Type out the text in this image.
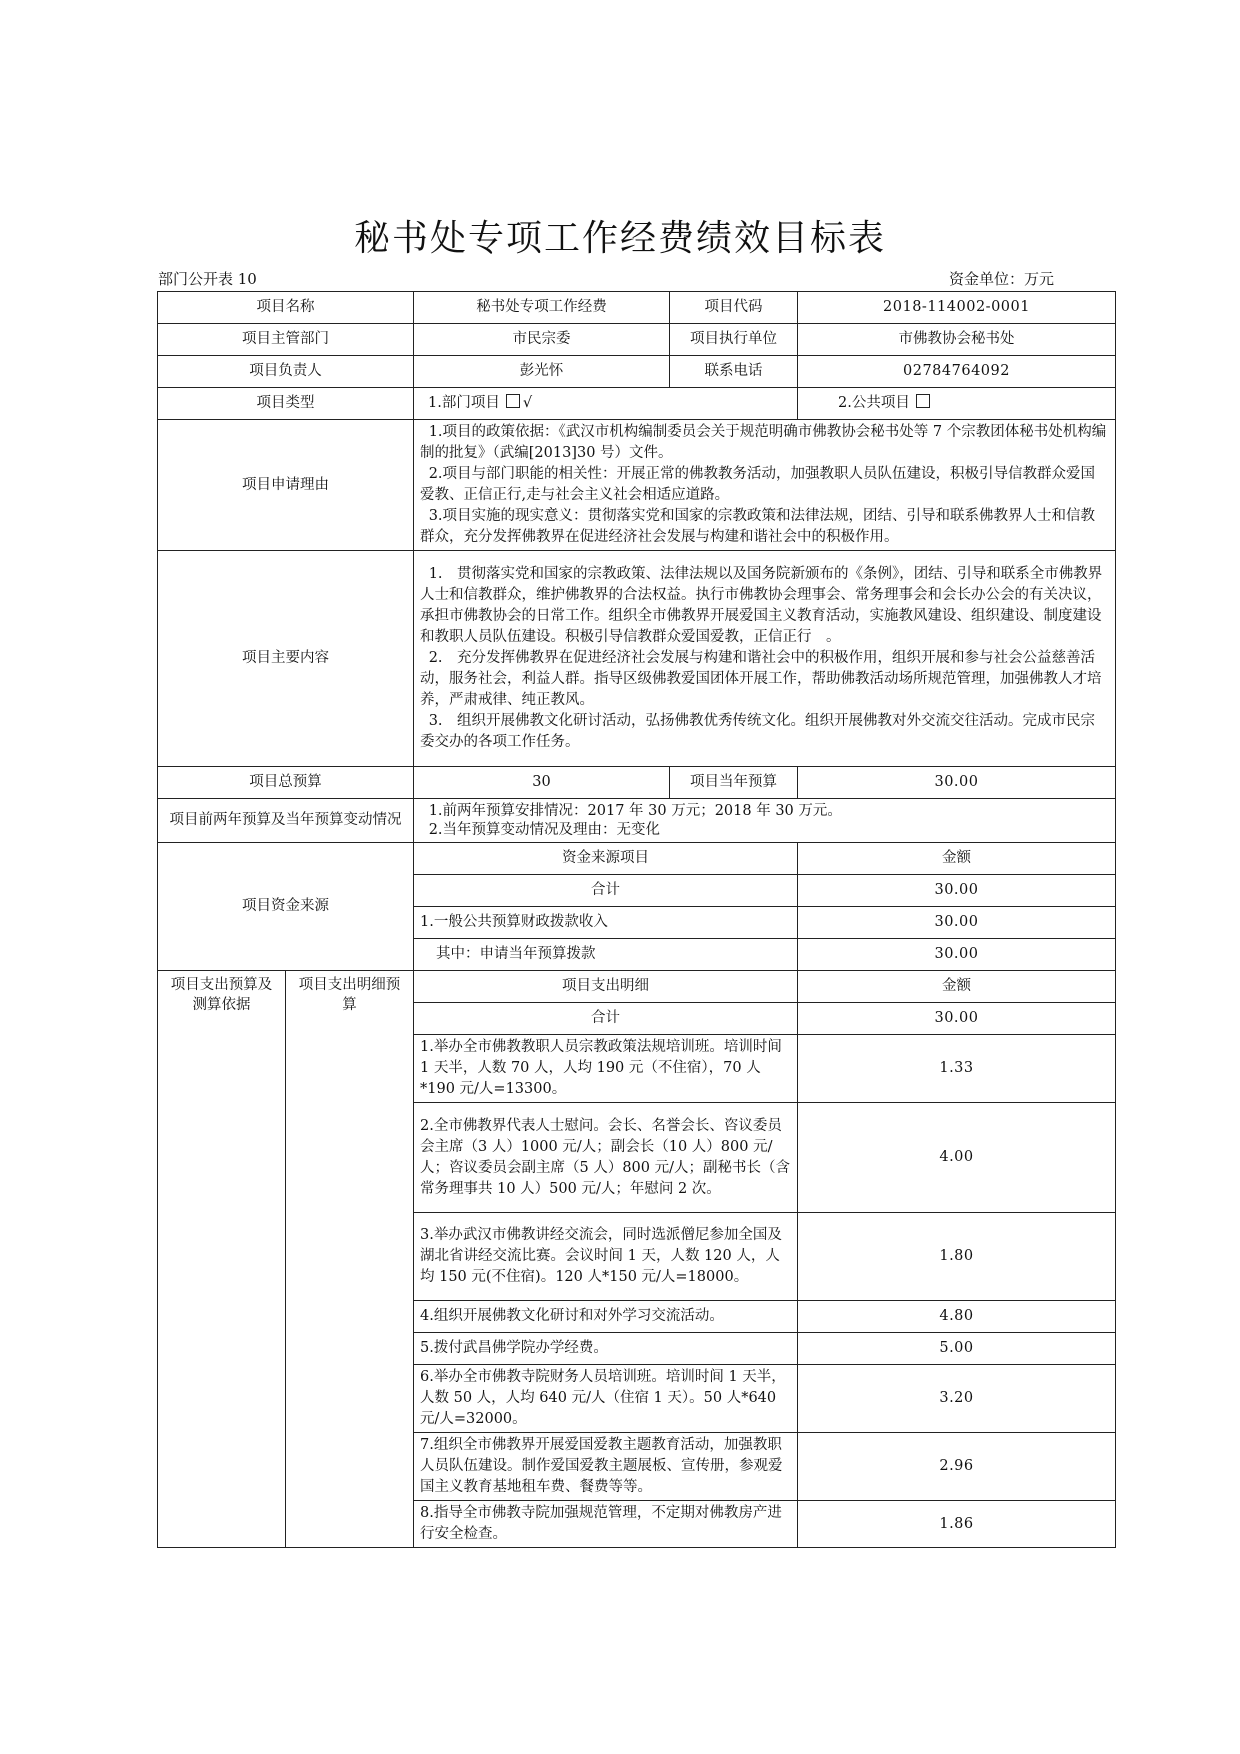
秘书处专项工作经费绩效目标表
部门公开表 10	资金单位：万元
项目名称		秘书处专项工作经费	项目代码	2018-114002-0001
项目主管部门		市民宗委	项目执行单位	市佛教协会秘书处
项目负责人		彭光怀	联系电话	02784764092
项目类型		1.部门项目 √		2.公共项目
项目申请理由		1.项目的政策依据：《武汉市机构编制委员会关于规范明确市佛教协会秘书处等 7 个宗教团体秘书处机构编制的批复》（武编[2013]30 号）文件。
2.项目与部门职能的相关性：开展正常的佛教教务活动，加强教职人员队伍建设，积极引导信教群众爱国爱教、正信正行,走与社会主义社会相适应道路。
3.项目实施的现实意义：贯彻落实党和国家的宗教政策和法律法规，团结、引导和联系佛教界人士和信教群众，充分发挥佛教界在促进经济社会发展与构建和谐社会中的积极作用。		

项目主要内容		1.　贯彻落实党和国家的宗教政策、法律法规以及国务院新颁布的《条例》，团结、引导和联系全市佛教界人士和信教群众，维护佛教界的合法权益。执行市佛教协会理事会、常务理事会和会长办公会的有关决议，承担市佛教协会的日常工作。组织全市佛教界开展爱国主义教育活动，实施教风建设、组织建设、制度建设和教职人员队伍建设。积极引导信教群众爱国爱教，正信正行　。
2.　充分发挥佛教界在促进经济社会发展与构建和谐社会中的积极作用，组织开展和参与社会公益慈善活动，服务社会，利益人群。指导区级佛教爱国团体开展工作，帮助佛教活动场所规范管理，加强佛教人才培养，严肃戒律、纯正教风。
3.　组织开展佛教文化研讨活动，弘扬佛教优秀传统文化。组织开展佛教对外交流交往活动。完成市民宗委交办的各项工作任务。		

项目总预算		30	项目当年预算	30.00
项目前两年预算及当年预算变动情况		1.前两年预算安排情况：2017 年 30 万元；2018 年 30 万元。
2.当年预算变动情况及理由：无变化		

项目资金来源		资金来源项目		金额
		合计		30.00
		1.一般公共预算财政拨款收入		30.00
		其中：申请当年预算拨款		30.00
项目支出预算及测算依据	项目支出明细预算	项目支出明细		金额
		合计		30.00
		1.举办全市佛教教职人员宗教政策法规培训班。培训时间 1 天半，人数 70 人，人均 190 元（不住宿），70 人*190 元/人=13300。		1.33
		2.全市佛教界代表人士慰问。会长、名誉会长、咨议委员会主席（3 人）1000 元/人；副会长（10 人）800 元/人；咨议委员会副主席（5 人）800 元/人；副秘书长（含常务理事共 10 人）500 元/人；年慰问 2 次。		4.00
		3.举办武汉市佛教讲经交流会，同时选派僧尼参加全国及湖北省讲经交流比赛。会议时间 1 天，人数 120 人，人均 150 元(不住宿)。120 人*150 元/人=18000。		1.80
		4.组织开展佛教文化研讨和对外学习交流活动。		4.80
		5.拨付武昌佛学院办学经费。		5.00
		6.举办全市佛教寺院财务人员培训班。培训时间 1 天半，人数 50 人，人均 640 元/人（住宿 1 天）。50 人*640 元/人=32000。		3.20
		7.组织全市佛教界开展爱国爱教主题教育活动，加强教职人员队伍建设。制作爱国爱教主题展板、宣传册，参观爱国主义教育基地租车费、餐费等等。		2.96
		8.指导全市佛教寺院加强规范管理，不定期对佛教房产进行安全检查。		1.86
